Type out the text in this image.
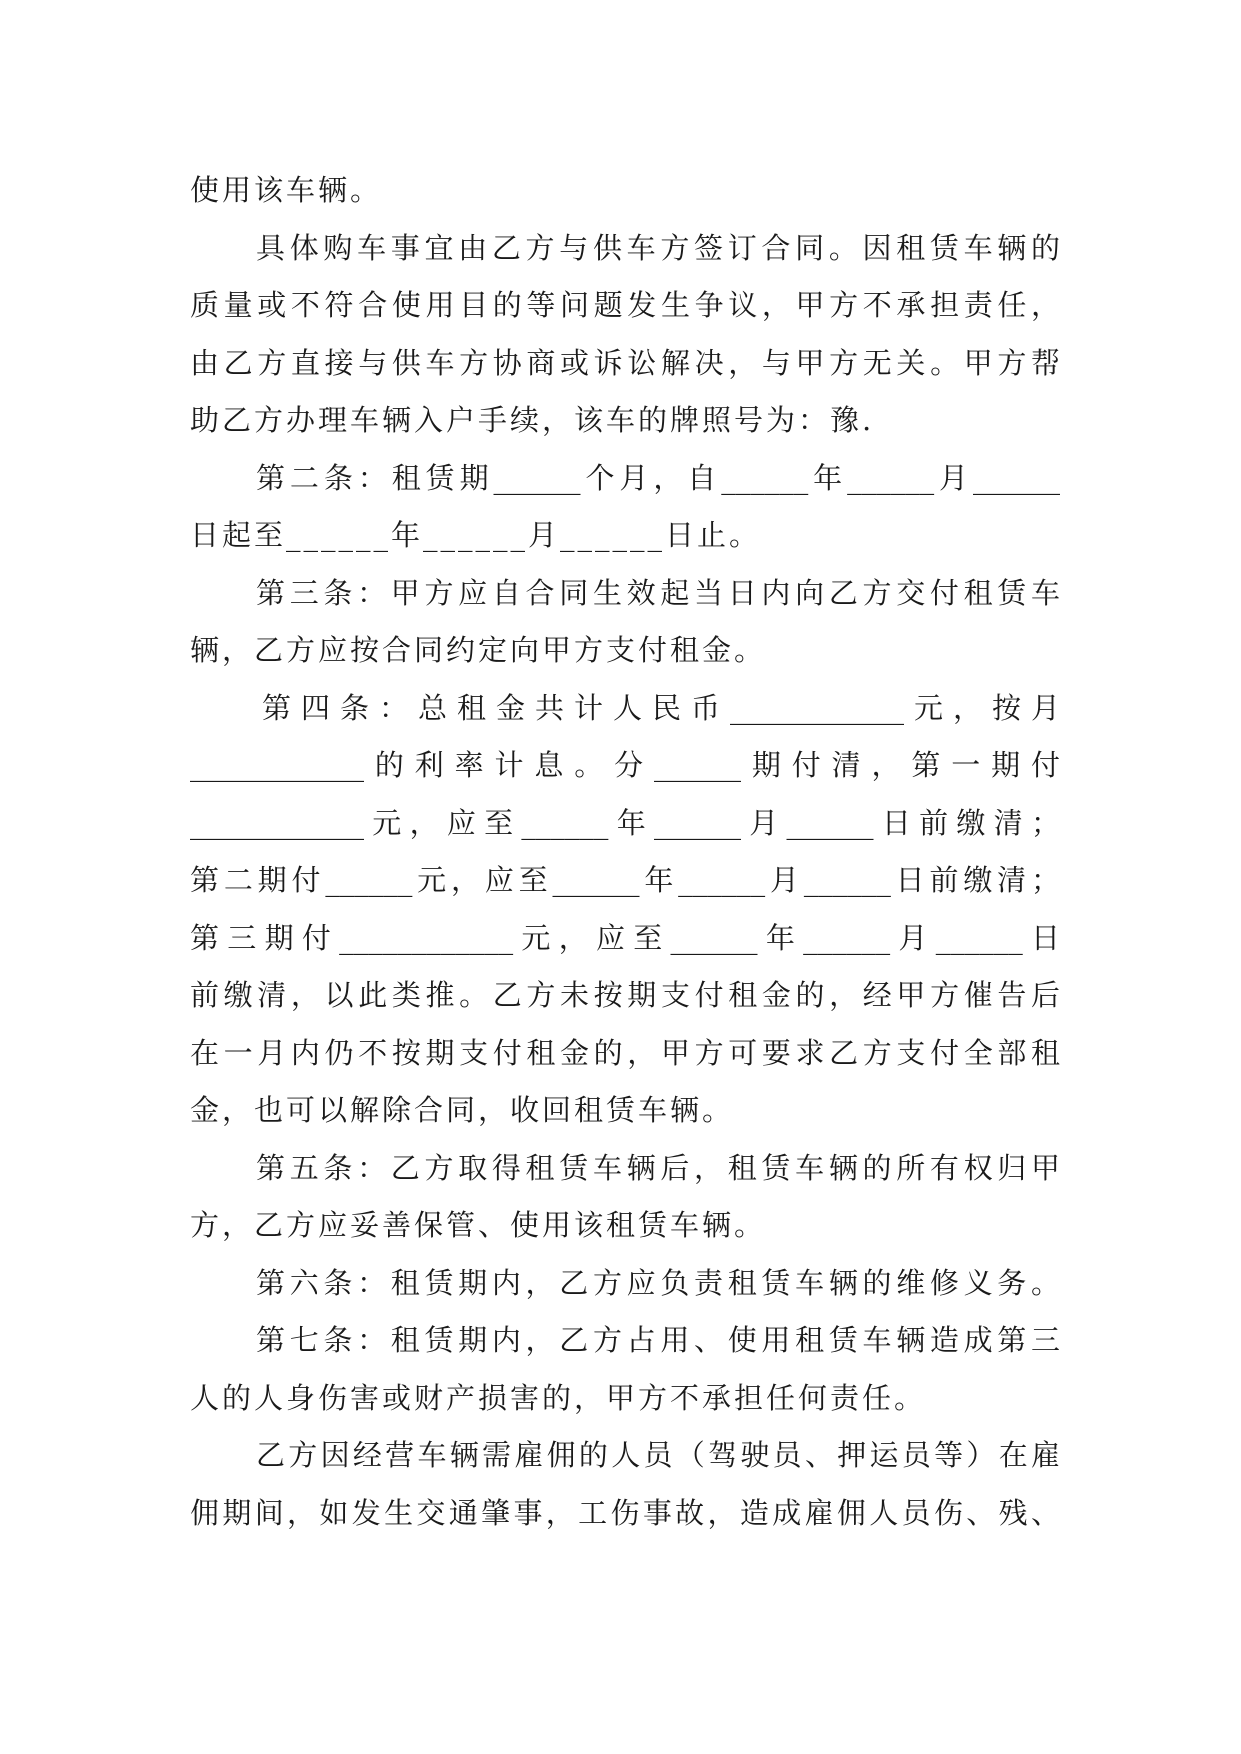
使用该车辆。
具体购车事宜由乙方与供车方签订合同。因租赁车辆的
质量或不符合使用目的等问题发生争议，甲方不承担责任，
由乙方直接与供车方协商或诉讼解决，与甲方无关。甲方帮
助乙方办理车辆入户手续，该车的牌照号为：豫.
第二条：租赁期______个月，自______年______月______
日起至______年______月______日止。
第三条：甲方应自合同生效起当日内向乙方交付租赁车
辆，乙方应按合同约定向甲方支付租金。
第四条：总租金共计人民币____________元，按月
____________的利率计息。分______期付清，第一期付
____________元，应至______年______月______日前缴清；
第二期付______元，应至______年______月______日前缴清；
第三期付____________元，应至______年______月______日
前缴清，以此类推。乙方未按期支付租金的，经甲方催告后
在一月内仍不按期支付租金的，甲方可要求乙方支付全部租
金，也可以解除合同，收回租赁车辆。
第五条：乙方取得租赁车辆后，租赁车辆的所有权归甲
方，乙方应妥善保管、使用该租赁车辆。
第六条：租赁期内，乙方应负责租赁车辆的维修义务。
第七条：租赁期内，乙方占用、使用租赁车辆造成第三
人的人身伤害或财产损害的，甲方不承担任何责任。
乙方因经营车辆需雇佣的人员（驾驶员、押运员等）在雇
佣期间，如发生交通肇事，工伤事故，造成雇佣人员伤、残、
